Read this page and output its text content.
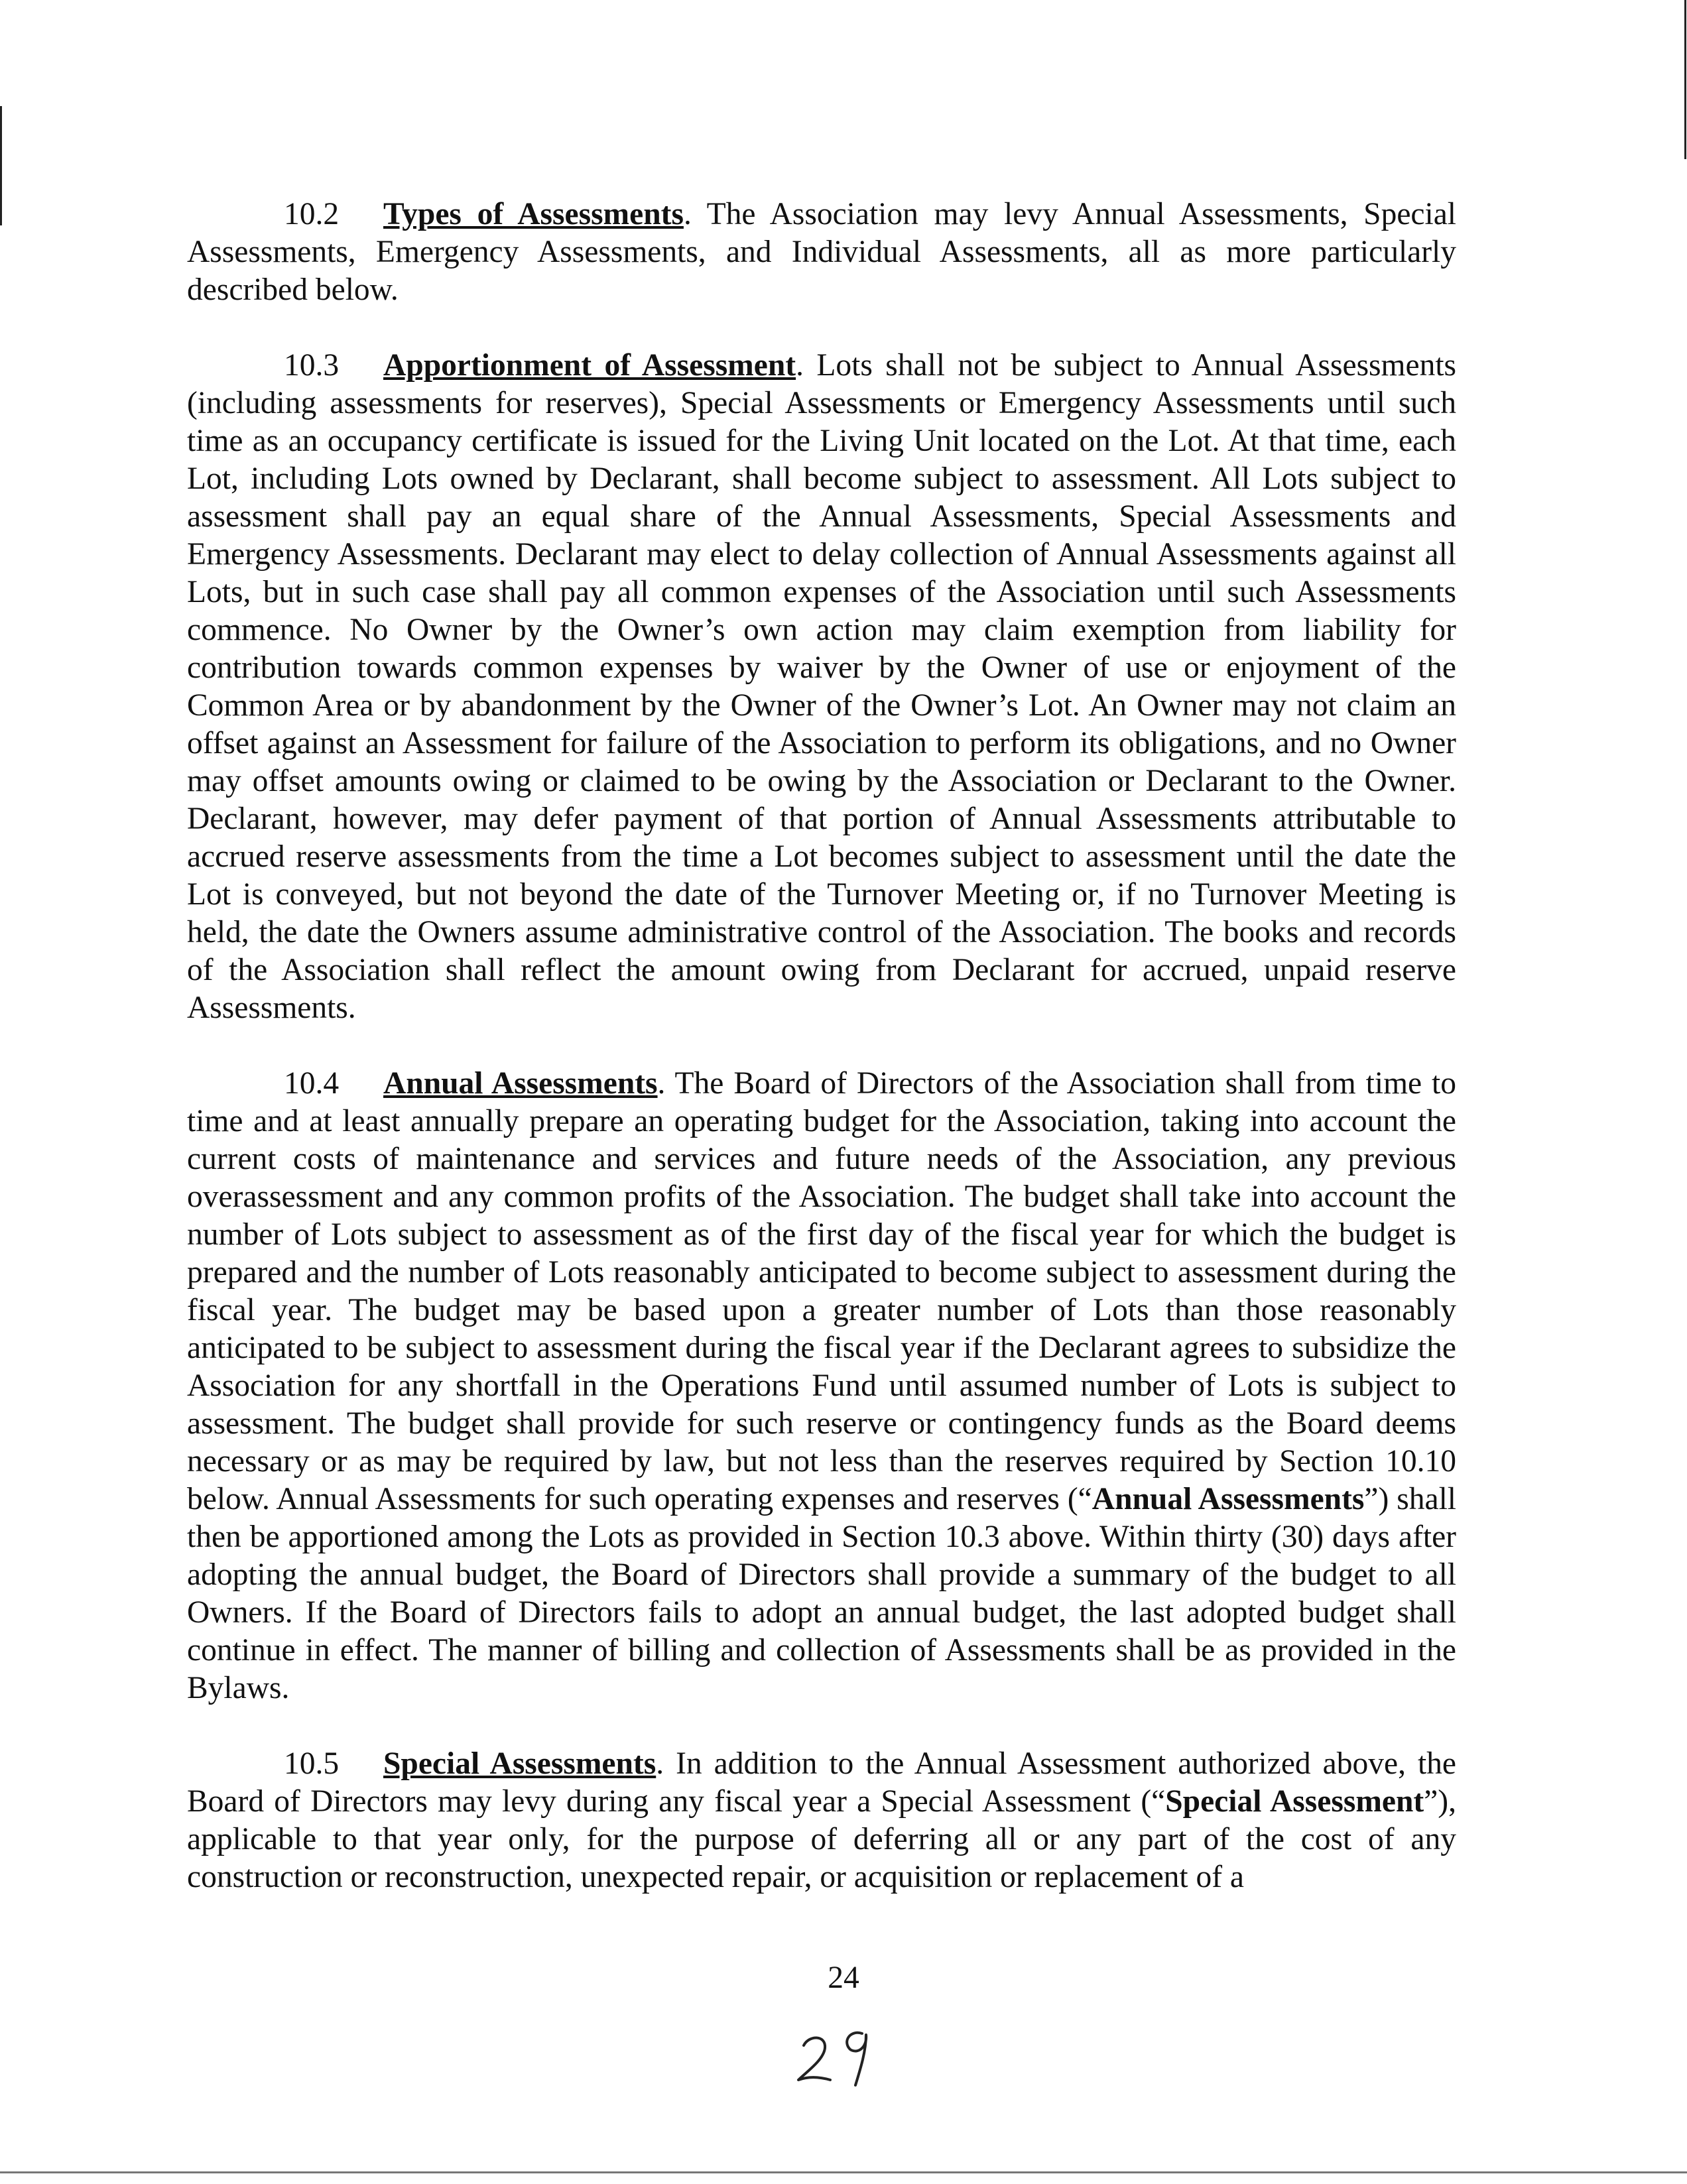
10.2 Types of Assessments. The Association may levy Annual Assessments, Special Assessments, Emergency Assessments, and Individual Assessments, all as more particularly described below.

10.3 Apportionment of Assessment. Lots shall not be subject to Annual Assessments (including assessments for reserves), Special Assessments or Emergency Assessments until such time as an occupancy certificate is issued for the Living Unit located on the Lot. At that time, each Lot, including Lots owned by Declarant, shall become subject to assessment. All Lots subject to assessment shall pay an equal share of the Annual Assessments, Special Assessments and Emergency Assessments. Declarant may elect to delay collection of Annual Assessments against all Lots, but in such case shall pay all common expenses of the Association until such Assessments commence. No Owner by the Owner’s own action may claim exemption from liability for contribution towards common expenses by waiver by the Owner of use or enjoyment of the Common Area or by abandonment by the Owner of the Owner’s Lot. An Owner may not claim an offset against an Assessment for failure of the Association to perform its obligations, and no Owner may offset amounts owing or claimed to be owing by the Association or Declarant to the Owner. Declarant, however, may defer payment of that portion of Annual Assessments attributable to accrued reserve assessments from the time a Lot becomes subject to assessment until the date the Lot is conveyed, but not beyond the date of the Turnover Meeting or, if no Turnover Meeting is held, the date the Owners assume administrative control of the Association. The books and records of the Association shall reflect the amount owing from Declarant for accrued, unpaid reserve Assessments.

10.4 Annual Assessments. The Board of Directors of the Association shall from time to time and at least annually prepare an operating budget for the Association, taking into account the current costs of maintenance and services and future needs of the Association, any previous overassessment and any common profits of the Association. The budget shall take into account the number of Lots subject to assessment as of the first day of the fiscal year for which the budget is prepared and the number of Lots reasonably anticipated to become subject to assessment during the fiscal year. The budget may be based upon a greater number of Lots than those reasonably anticipated to be subject to assessment during the fiscal year if the Declarant agrees to subsidize the Association for any shortfall in the Operations Fund until assumed number of Lots is subject to assessment. The budget shall provide for such reserve or contingency funds as the Board deems necessary or as may be required by law, but not less than the reserves required by Section 10.10 below. Annual Assessments for such operating expenses and reserves (“Annual Assessments”) shall then be apportioned among the Lots as provided in Section 10.3 above. Within thirty (30) days after adopting the annual budget, the Board of Directors shall provide a summary of the budget to all Owners. If the Board of Directors fails to adopt an annual budget, the last adopted budget shall continue in effect. The manner of billing and collection of Assessments shall be as provided in the Bylaws.

10.5 Special Assessments. In addition to the Annual Assessment authorized above, the Board of Directors may levy during any fiscal year a Special Assessment (“Special Assessment”), applicable to that year only, for the purpose of deferring all or any part of the cost of any construction or reconstruction, unexpected repair, or acquisition or replacement of a

24
